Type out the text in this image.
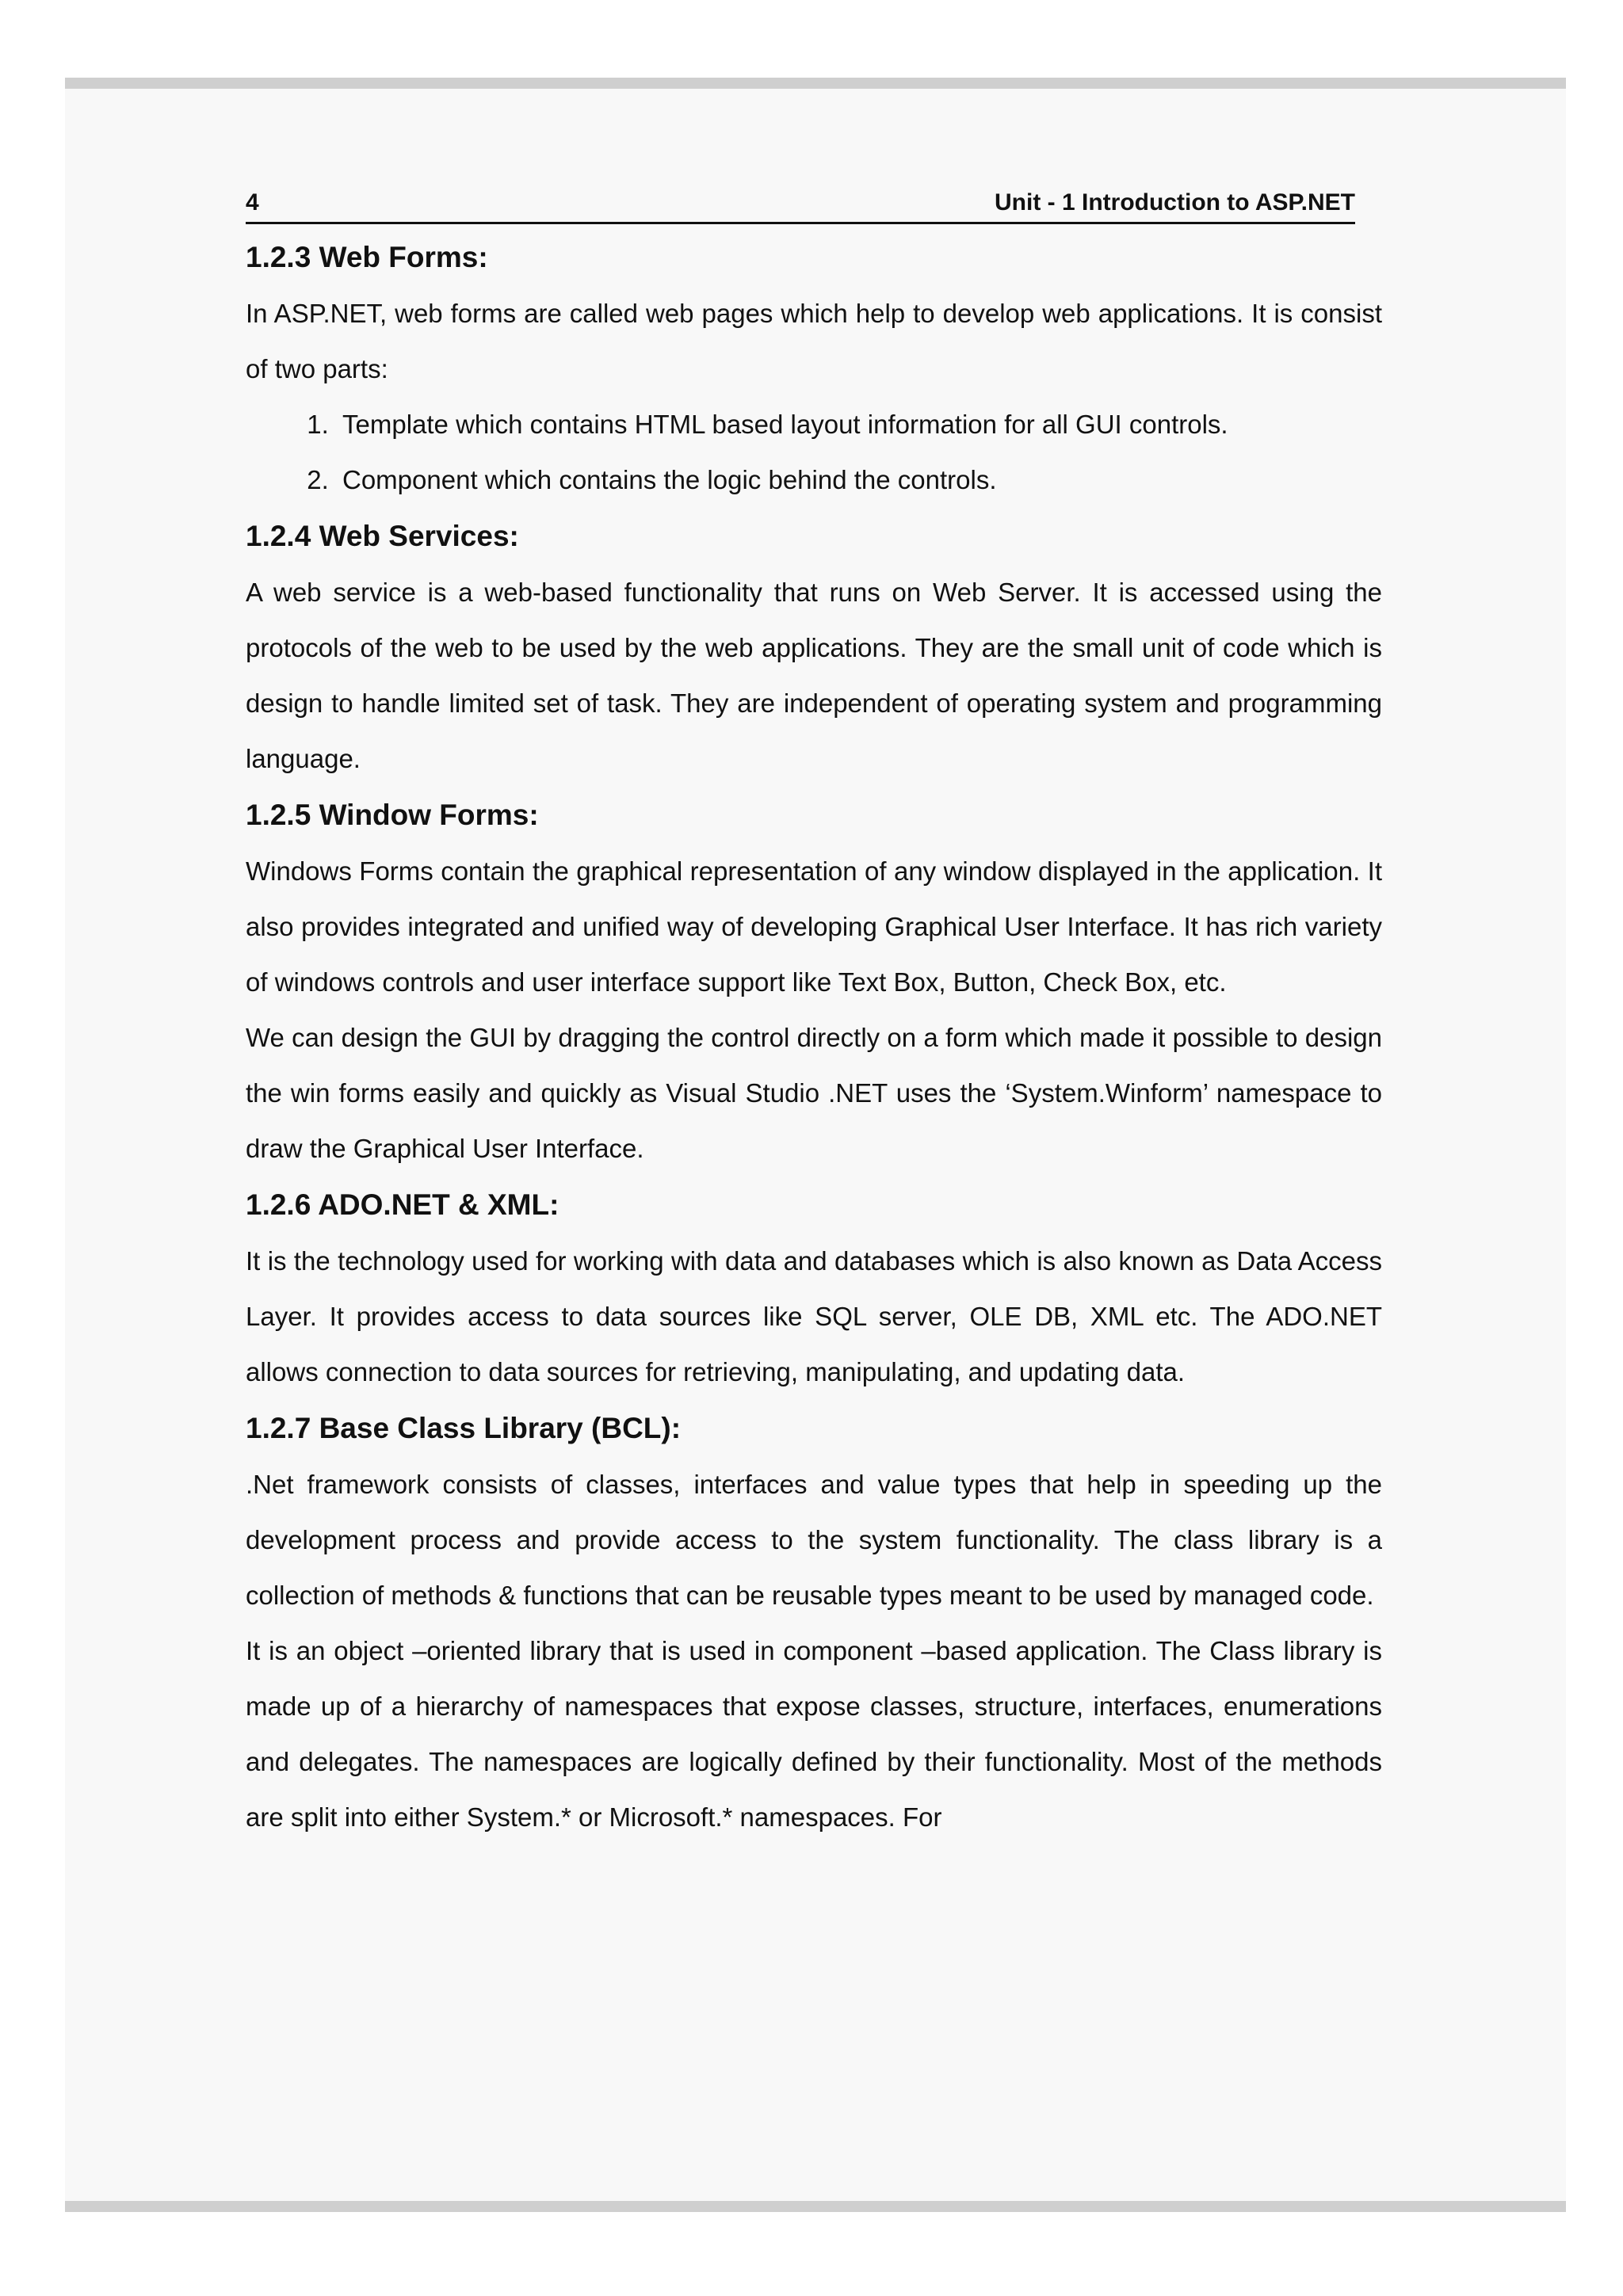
4	Unit - 1 Introduction to ASP.NET
1.2.3 Web Forms:

In ASP.NET, web forms are called web pages which help to develop web applications. It is consist of two parts:

1. Template which contains HTML based layout information for all GUI controls.
2. Component which contains the logic behind the controls.
1.2.4 Web Services:

A web service is a web-based functionality that runs on Web Server. It is accessed using the protocols of the web to be used by the web applications. They are the small unit of code which is design to handle limited set of task. They are independent of operating system and programming language.

1.2.5 Window Forms:

Windows Forms contain the graphical representation of any window displayed in the application. It also provides integrated and unified way of developing Graphical User Interface. It has rich variety of windows controls and user interface support like Text Box, Button, Check Box, etc.

We can design the GUI by dragging the control directly on a form which made it possible to design the win forms easily and quickly as Visual Studio .NET uses the ‘System.Winform’ namespace to draw the Graphical User Interface.

1.2.6 ADO.NET & XML:

It is the technology used for working with data and databases which is also known as Data Access Layer. It provides access to data sources like SQL server, OLE DB, XML etc. The ADO.NET allows connection to data sources for retrieving, manipulating, and updating data.

1.2.7 Base Class Library (BCL):

.Net framework consists of classes, interfaces and value types that help in speeding up the development process and provide access to the system functionality. The class library is a collection of methods & functions that can be reusable types meant to be used by managed code.

It is an object –oriented library that is used in component –based application. The Class library is made up of a hierarchy of namespaces that expose classes, structure, interfaces, enumerations and delegates. The namespaces are logically defined by their functionality. Most of the methods are split into either System.* or Microsoft.* namespaces. For
